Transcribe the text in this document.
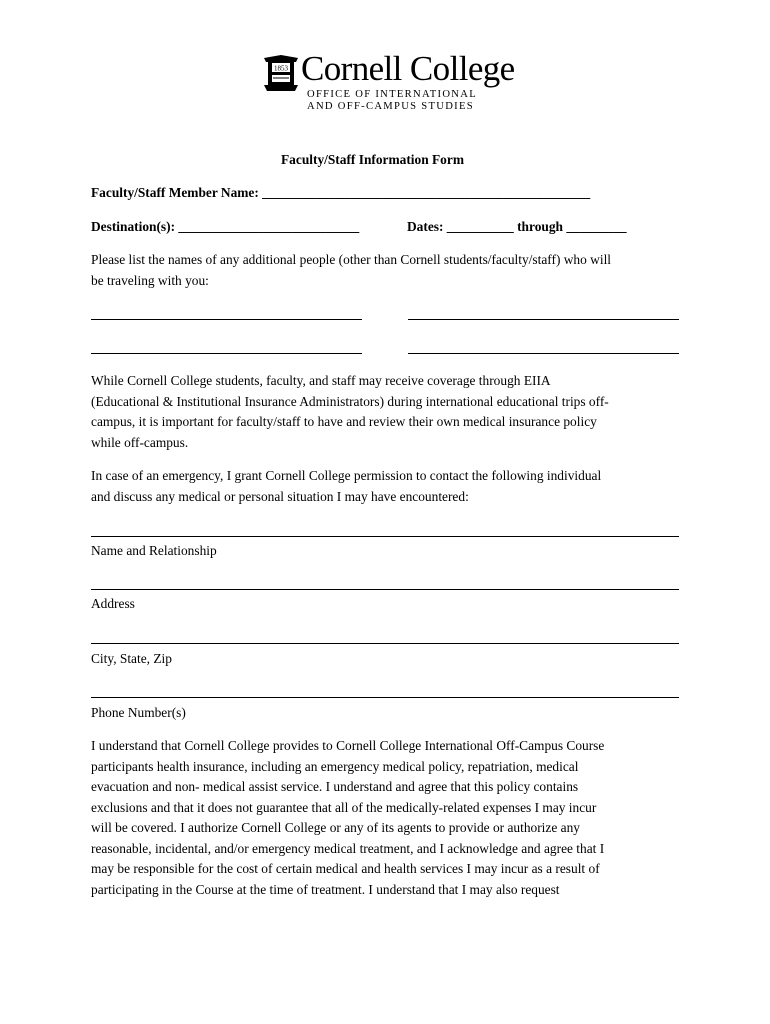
1853 Cornell College
OFFICE OF INTERNATIONAL
AND OFF-CAMPUS STUDIES
Faculty/Staff Information Form
Faculty/Staff Member Name: _________________________________________________
Destination(s): ___________________________	Dates: __________ through _________
Please list the names of any additional people (other than Cornell students/faculty/staff) who will
be traveling with you:
While Cornell College students, faculty, and staff may receive coverage through EIIA
(Educational & Institutional Insurance Administrators) during international educational trips off-
campus, it is important for faculty/staff to have and review their own medical insurance policy
while off-campus.
In case of an emergency, I grant Cornell College permission to contact the following individual
and discuss any medical or personal situation I may have encountered:
Name and Relationship
Address
City, State, Zip
Phone Number(s)
I understand that Cornell College provides to Cornell College International Off-Campus Course
participants health insurance, including an emergency medical policy, repatriation, medical
evacuation and non- medical assist service. I understand and agree that this policy contains
exclusions and that it does not guarantee that all of the medically-related expenses I may incur
will be covered. I authorize Cornell College or any of its agents to provide or authorize any
reasonable, incidental, and/or emergency medical treatment, and I acknowledge and agree that I
may be responsible for the cost of certain medical and health services I may incur as a result of
participating in the Course at the time of treatment. I understand that I may also request
